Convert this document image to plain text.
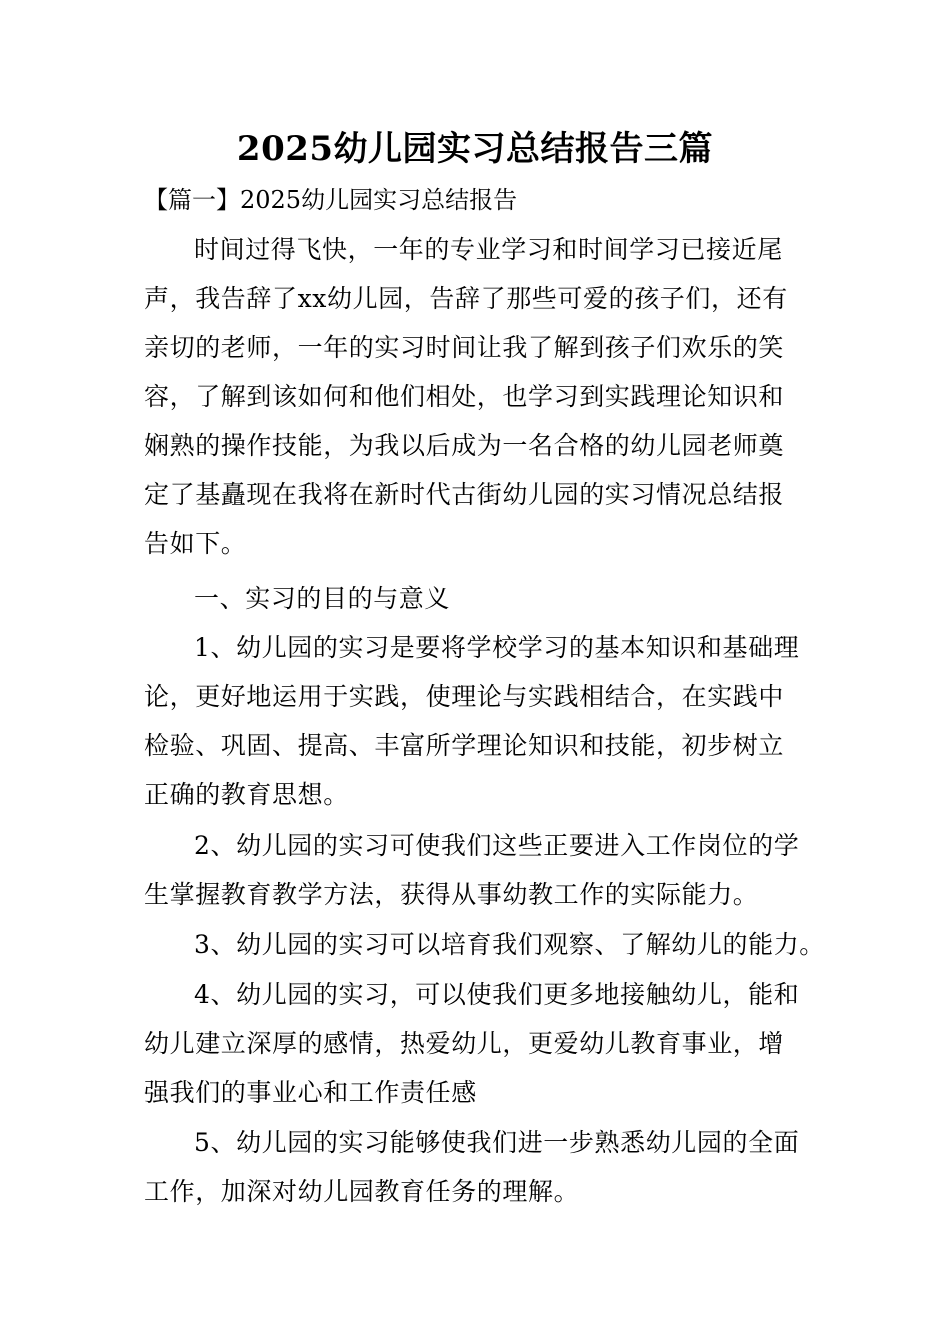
2025幼儿园实习总结报告三篇
【篇一】2025幼儿园实习总结报告
时间过得飞快，一年的专业学习和时间学习已接近尾
声，我告辞了xx幼儿园，告辞了那些可爱的孩子们，还有
亲切的老师，一年的实习时间让我了解到孩子们欢乐的笑
容，了解到该如何和他们相处，也学习到实践理论知识和
娴熟的操作技能，为我以后成为一名合格的幼儿园老师奠
定了基矗现在我将在新时代古街幼儿园的实习情况总结报
告如下。
一、实习的目的与意义
1、幼儿园的实习是要将学校学习的基本知识和基础理
论，更好地运用于实践，使理论与实践相结合，在实践中
检验、巩固、提高、丰富所学理论知识和技能，初步树立
正确的教育思想。
2、幼儿园的实习可使我们这些正要进入工作岗位的学
生掌握教育教学方法，获得从事幼教工作的实际能力。
3、幼儿园的实习可以培育我们观察、了解幼儿的能力。
4、幼儿园的实习，可以使我们更多地接触幼儿，能和
幼儿建立深厚的感情，热爱幼儿，更爱幼儿教育事业，增
强我们的事业心和工作责任感
5、幼儿园的实习能够使我们进一步熟悉幼儿园的全面
工作，加深对幼儿园教育任务的理解。
